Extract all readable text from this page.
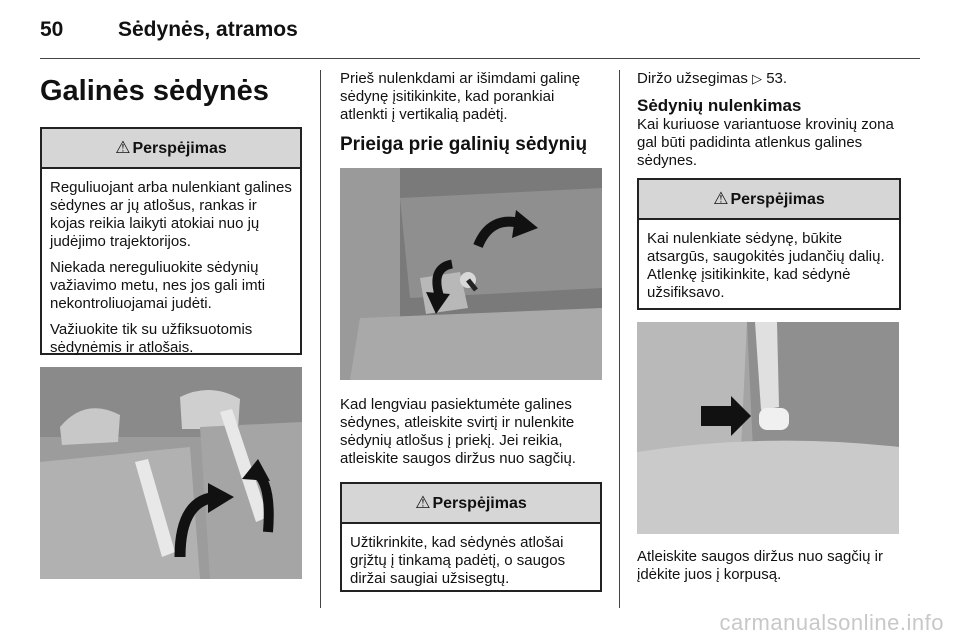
50	Sėdynės, atramos
Galinės sėdynės
⚠ Perspėjimas

Reguliuojant arba nulenkiant galines sėdynes ar jų atlošus, rankas ir kojas reikia laikyti atokiai nuo jų judėjimo trajektorijos.

Niekada nereguliuokite sėdynių važiavimo metu, nes jos gali imti nekontroliuojamai judėti.

Važiuokite tik su užfiksuotomis sėdynėmis ir atlošais.

Prieš nulenkdami ar išimdami galinę sėdynę įsitikinkite, kad porankiai atlenkti į vertikalią padėtį.

Prieiga prie galinių sėdynių

Kad lengviau pasiektumėte galines sėdynes, atleiskite svirtį ir nulenkite sėdynių atlošus į priekį. Jei reikia, atleiskite saugos diržus nuo sagčių.

⚠ Perspėjimas

Užtikrinkite, kad sėdynės atlošai grįžtų į tinkamą padėtį, o saugos diržai saugiai užsisegtų.

Diržo užsegimas ▷ 53.

Sėdynių nulenkimas

Kai kuriuose variantuose krovinių zona gal būti padidinta atlenkus galines sėdynes.

⚠ Perspėjimas

Kai nulenkiate sėdynę, būkite atsargūs, saugokitės judančių dalių. Atlenkę įsitikinkite, kad sėdynė užsifiksavo.

Atleiskite saugos diržus nuo sagčių ir įdėkite juos į korpusą.

carmanualsonline.info
